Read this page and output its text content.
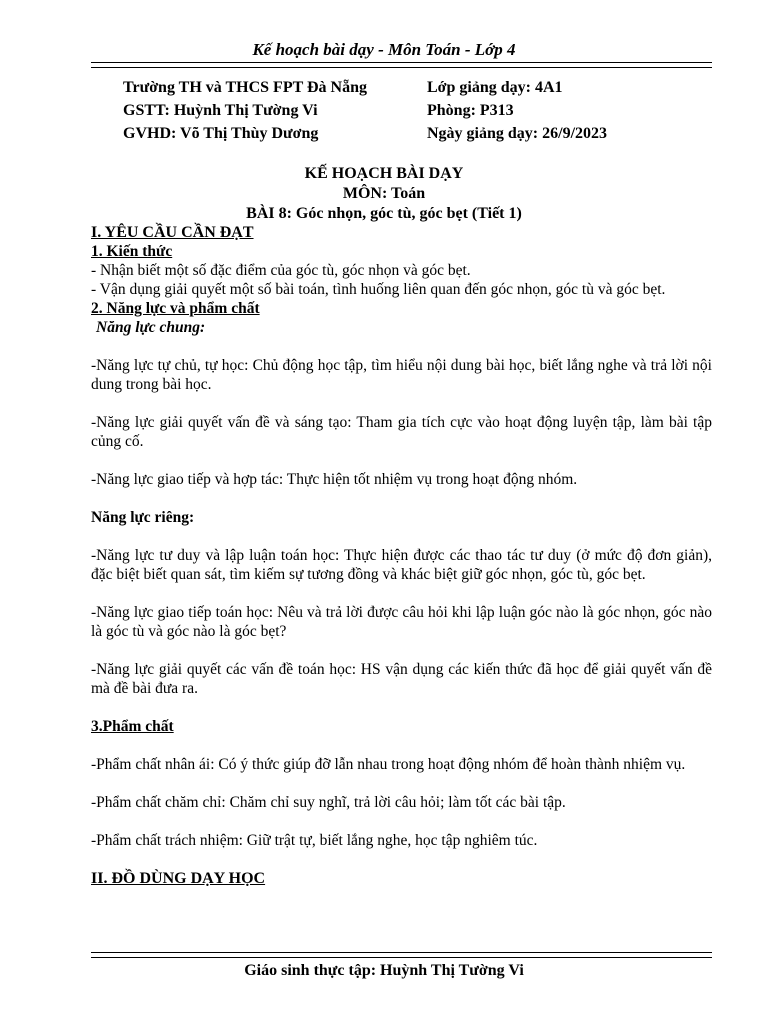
Kế hoạch bài dạy - Môn Toán - Lớp 4
Trường TH và THCS FPT Đà Nẵng	Lớp giảng dạy: 4A1
GSTT: Huỳnh Thị Tường Vi	Phòng: P313
GVHD: Võ Thị Thùy Dương	Ngày giảng dạy: 26/9/2023
KẾ HOẠCH BÀI DẠY
MÔN: Toán
BÀI 8: Góc nhọn, góc tù, góc bẹt (Tiết 1)

I. YÊU CẦU CẦN ĐẠT

1. Kiến thức

- Nhận biết một số đặc điểm của góc tù, góc nhọn và góc bẹt.

- Vận dụng giải quyết một số bài toán, tình huống liên quan đến góc nhọn, góc tù và góc bẹt.

2. Năng lực và phẩm chất

Năng lực chung:

-Năng lực tự chủ, tự học: Chủ động học tập, tìm hiểu nội dung bài học, biết lắng nghe và trả lời nội dung trong bài học.

-Năng lực giải quyết vấn đề và sáng tạo: Tham gia tích cực vào hoạt động luyện tập, làm bài tập củng cố.

-Năng lực giao tiếp và hợp tác: Thực hiện tốt nhiệm vụ trong hoạt động nhóm.

Năng lực riêng:

-Năng lực tư duy và lập luận toán học: Thực hiện được các thao tác tư duy (ở mức độ đơn giản), đặc biệt biết quan sát, tìm kiếm sự tương đồng và khác biệt giữ góc nhọn, góc tù, góc bẹt.

-Năng lực giao tiếp toán học: Nêu và trả lời được câu hỏi khi lập luận góc nào là góc nhọn, góc nào là góc tù và góc nào là góc bẹt?

-Năng lực giải quyết các vấn đề toán học: HS vận dụng các kiến thức đã học để giải quyết vấn đề mà đề bài đưa ra.

3.Phẩm chất

-Phẩm chất nhân ái: Có ý thức giúp đỡ lẫn nhau trong hoạt động nhóm để hoàn thành nhiệm vụ.

-Phẩm chất chăm chỉ: Chăm chỉ suy nghĩ, trả lời câu hỏi; làm tốt các bài tập.

-Phẩm chất trách nhiệm: Giữ trật tự, biết lắng nghe, học tập nghiêm túc.

II. ĐỒ DÙNG DẠY HỌC

Giáo sinh thực tập: Huỳnh Thị Tường Vi
